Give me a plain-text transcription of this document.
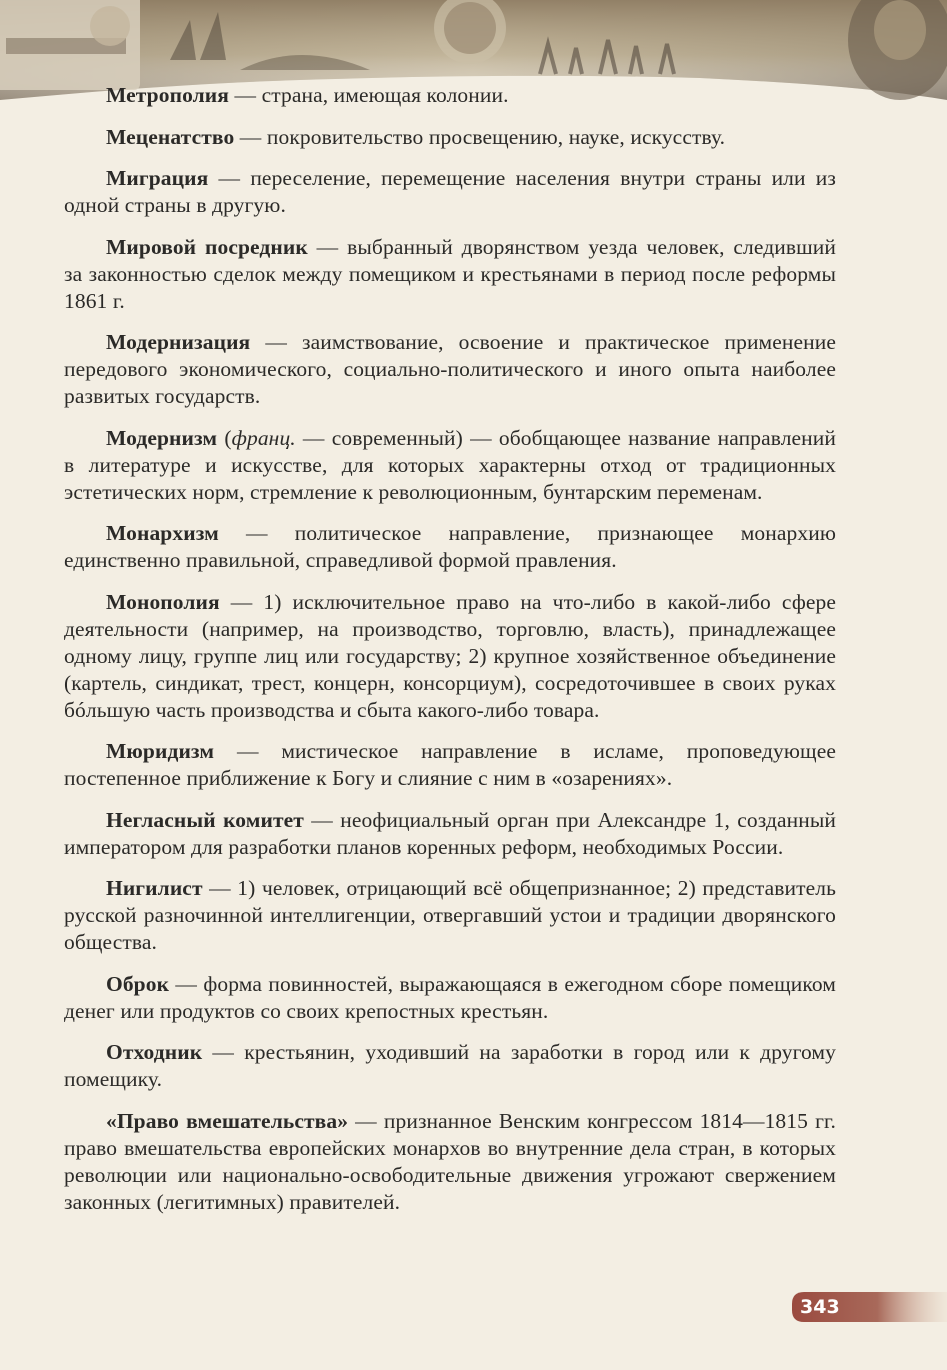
Метрополия — страна, имеющая колонии.

Меценатство — покровительство просвещению, науке, искусству.

Миграция — переселение, перемещение населения внутри страны или из одной страны в другую.

Мировой посредник — выбранный дворянством уезда человек, следивший за законностью сделок между помещиком и крестьянами в период после реформы 1861 г.

Модернизация — заимствование, освоение и практическое применение передового экономического, социально-политического и иного опыта наиболее развитых государств.

Модернизм (франц. — современный) — обобщающее название направлений в литературе и искусстве, для которых характерны отход от традиционных эстетических норм, стремление к революционным, бунтарским переменам.

Монархизм — политическое направление, признающее монархию единственно правильной, справедливой формой правления.

Монополия — 1) исключительное право на что-либо в какой-либо сфере деятельности (например, на производство, торговлю, власть), принадлежащее одному лицу, группе лиц или государству; 2) крупное хозяйственное объединение (картель, синдикат, трест, концерн, консорциум), сосредоточившее в своих руках бóльшую часть производства и сбыта какого-либо товара.

Мюридизм — мистическое направление в исламе, проповедующее постепенное приближение к Богу и слияние с ним в «озарениях».

Негласный комитет — неофициальный орган при Александре 1, созданный императором для разработки планов коренных реформ, необходимых России.

Нигилист — 1) человек, отрицающий всё общепризнанное; 2) представитель русской разночинной интеллигенции, отвергавший устои и традиции дворянского общества.

Оброк — форма повинностей, выражающаяся в ежегодном сборе помещиком денег или продуктов со своих крепостных крестьян.

Отходник — крестьянин, уходивший на заработки в город или к другому помещику.

«Право вмешательства» — признанное Венским конгрессом 1814—1815 гг. право вмешательства европейских монархов во внутренние дела стран, в которых революции или национально-освободительные движения угрожают свержением законных (легитимных) правителей.

343
